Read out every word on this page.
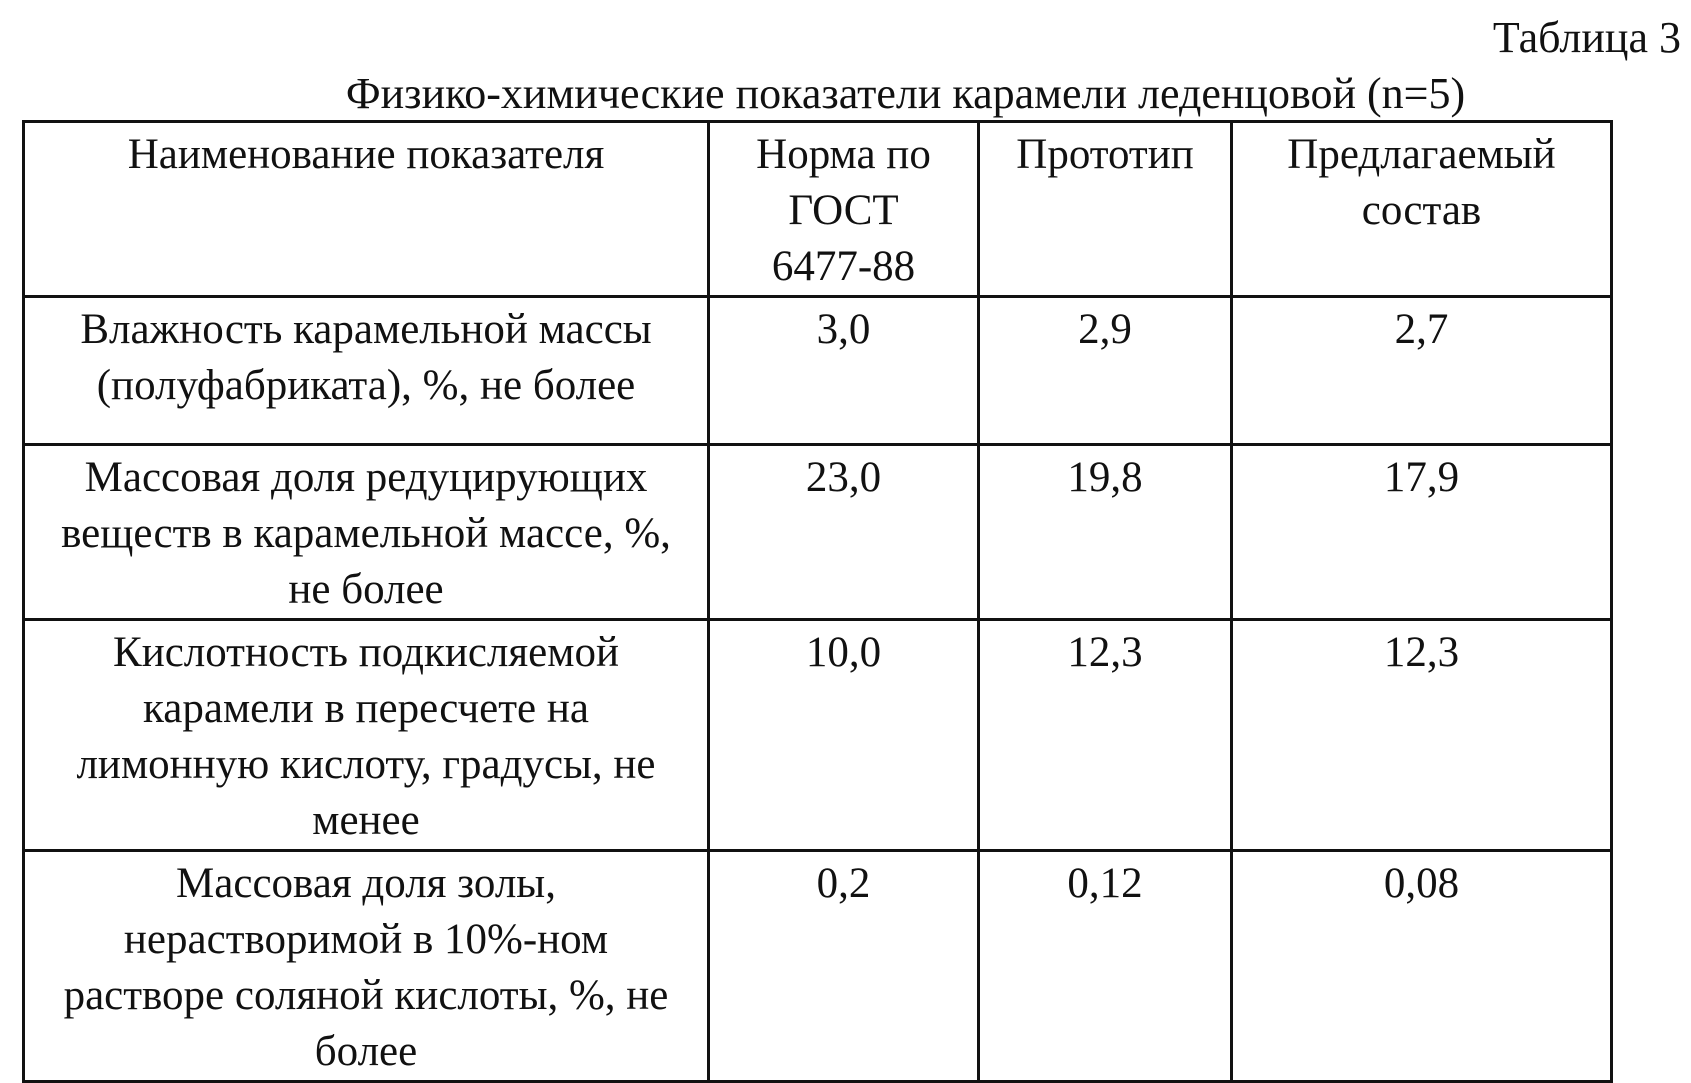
Таблица 3
Физико-химические показатели карамели леденцовой (n=5)
Наименование показателя	Норма по ГОСТ 6477-88	Прототип	Предлагаемый состав

Влажность карамельной массы (полуфабриката), %, не более	3,0	2,9	2,7

Массовая доля редуцирующих веществ в карамельной массе, %, не более	23,0	19,8	17,9

Кислотность подкисляемой карамели в пересчете на лимонную кислоту, градусы, не менее	10,0	12,3	12,3

Массовая доля золы, нерастворимой в 10%-ном растворе соляной кислоты, %, не более	0,2	0,12	0,08
